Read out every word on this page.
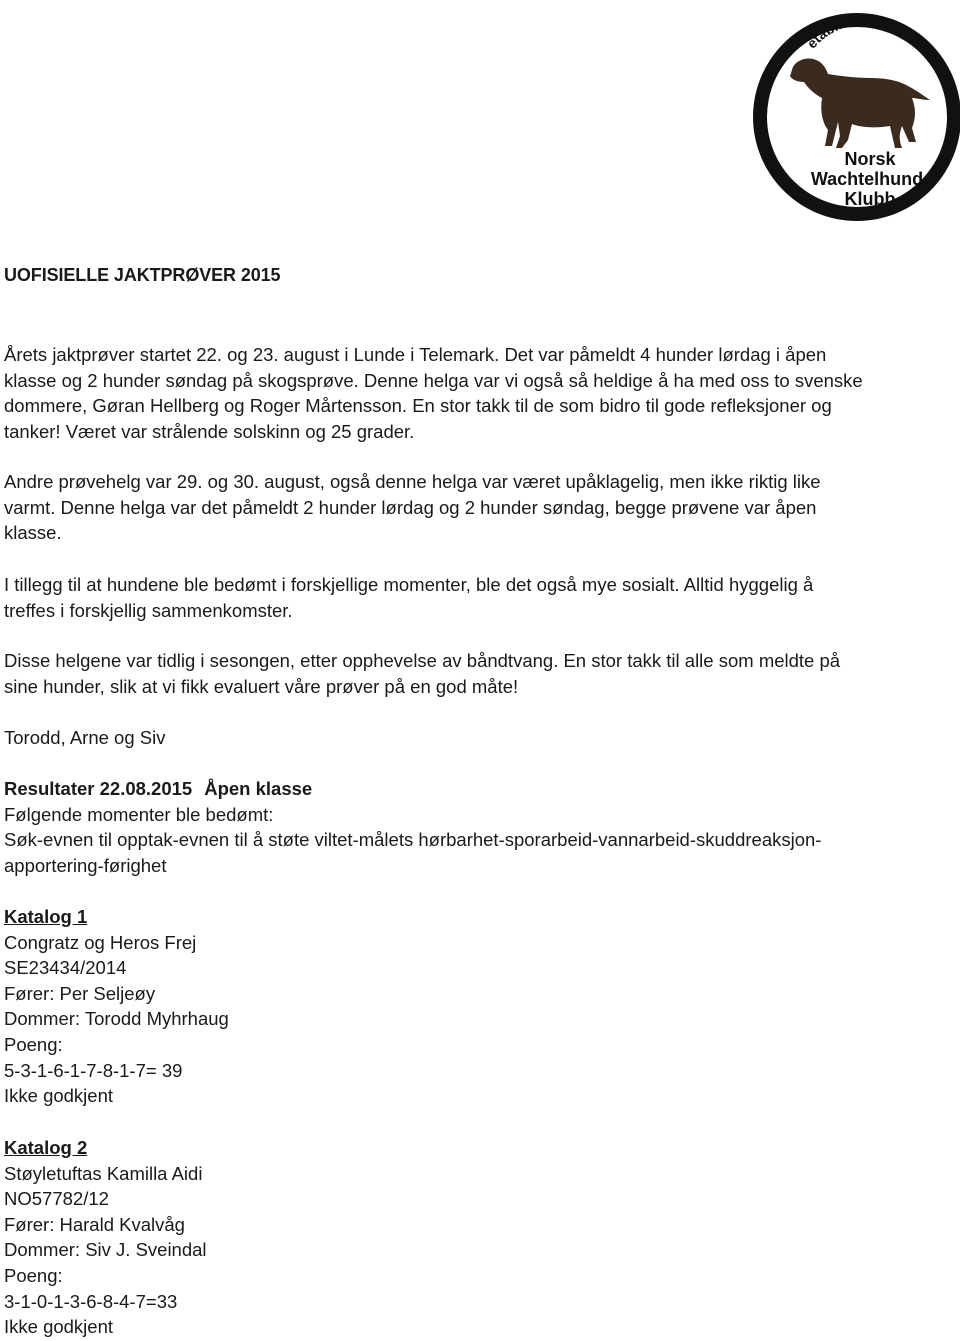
etabl. 2007
Norsk
Wachtelhund
Klubb
UOFISIELLE JAKTPRØVER 2015
Årets jaktprøver startet 22. og 23. august i Lunde i Telemark. Det var påmeldt 4 hunder lørdag i åpen
klasse og 2 hunder søndag på skogsprøve. Denne helga var vi også så heldige å ha med oss to svenske
dommere, Gøran Hellberg og Roger Mårtensson. En stor takk til de som bidro til gode refleksjoner og
tanker! Været var strålende solskinn og 25 grader.
Andre prøvehelg var 29. og 30. august, også denne helga var været upåklagelig, men ikke riktig like
varmt. Denne helga var det påmeldt 2 hunder lørdag og 2 hunder søndag, begge prøvene var åpen
klasse.
I tillegg til at hundene ble bedømt i forskjellige momenter, ble det også mye sosialt. Alltid hyggelig å
treffes i forskjellig sammenkomster.
Disse helgene var tidlig i sesongen, etter opphevelse av båndtvang. En stor takk til alle som meldte på
sine hunder, slik at vi fikk evaluert våre prøver på en god måte!
Torodd, Arne og Siv
Resultater 22.08.2015 Åpen klasse
Følgende momenter ble bedømt:
Søk-evnen til opptak-evnen til å støte viltet-målets hørbarhet-sporarbeid-vannarbeid-skuddreaksjon-
apportering-førighet
Katalog 1
Congratz og Heros Frej
SE23434/2014
Fører: Per Seljeøy
Dommer: Torodd Myhrhaug
Poeng:
5-3-1-6-1-7-8-1-7= 39
Ikke godkjent
Katalog 2
Støyletuftas Kamilla Aidi
NO57782/12
Fører: Harald Kvalvåg
Dommer: Siv J. Sveindal
Poeng:
3-1-0-1-3-6-8-4-7=33
Ikke godkjent
